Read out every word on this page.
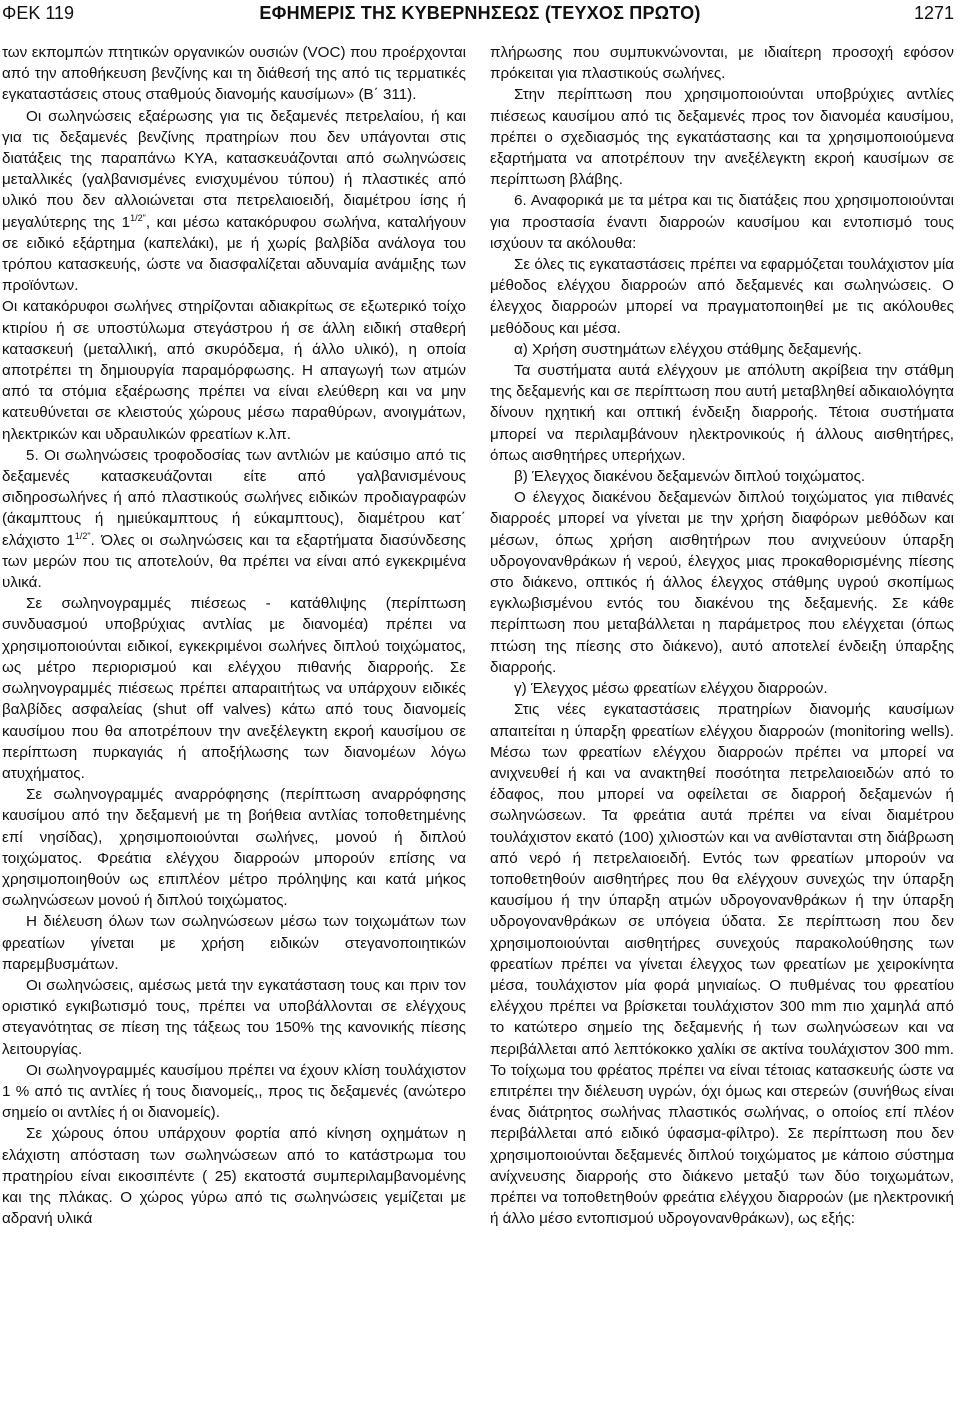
ΦΕΚ 119	ΕΦΗΜΕΡΙΣ ΤΗΣ ΚΥΒΕΡΝΗΣΕΩΣ (ΤΕΥΧΟΣ ΠΡΩΤΟ)	1271

των εκπομπών πτητικών οργανικών ουσιών (VOC) που προέρχονται από την αποθήκευση βενζίνης και τη διάθεσή της από τις τερματικές εγκαταστάσεις στους σταθμούς διανομής καυσίμων» (Β΄ 311).

Οι σωληνώσεις εξαέρωσης για τις δεξαμενές πετρελαίου, ή και για τις δεξαμενές βενζίνης πρατηρίων που δεν υπάγονται στις διατάξεις της παραπάνω ΚΥΑ, κατασκευάζονται από σωληνώσεις μεταλλικές (γαλβανισμένες ενισχυμένου τύπου) ή πλαστικές από υλικό που δεν αλλοιώνεται στα πετρελαιοειδή, διαμέτρου ίσης ή μεγαλύτερης της $1^{1/2"}$, και μέσω κατακόρυφου σωλήνα, καταλήγουν σε ειδικό εξάρτημα (καπελάκι), με ή χωρίς βαλβίδα ανάλογα του τρόπου κατασκευής, ώστε να διασφαλίζεται αδυναμία ανάμιξης των προϊόντων.

Οι κατακόρυφοι σωλήνες στηρίζονται αδιακρίτως σε εξωτερικό τοίχο κτιρίου ή σε υποστύλωμα στεγάστρου ή σε άλλη ειδική σταθερή κατασκευή (μεταλλική, από σκυρόδεμα, ή άλλο υλικό), η οποία αποτρέπει τη δημιουργία παραμόρφωσης. Η απαγωγή των ατμών από τα στόμια εξαέρωσης πρέπει να είναι ελεύθερη και να μην κατευθύνεται σε κλειστούς χώρους μέσω παραθύρων, ανοιγμάτων, ηλεκτρικών και υδραυλικών φρεατίων κ.λπ.

5. Οι σωληνώσεις τροφοδοσίας των αντλιών με καύσιμο από τις δεξαμενές κατασκευάζονται είτε από γαλβανισμένους σιδηροσωλήνες ή από πλαστικούς σωλήνες ειδικών προδιαγραφών (άκαμπτους ή ημιεύκαμπτους ή εύκαμπτους), διαμέτρου κατ΄ ελάχιστο $1^{1/2"}$. Όλες οι σωληνώσεις και τα εξαρτήματα διασύνδεσης των μερών που τις αποτελούν, θα πρέπει να είναι από εγκεκριμένα υλικά.

Σε σωληνογραμμές πιέσεως - κατάθλιψης (περίπτωση συνδυασμού υποβρύχιας αντλίας με διανομέα) πρέπει να χρησιμοποιούνται ειδικοί, εγκεκριμένοι σωλήνες διπλού τοιχώματος, ως μέτρο περιορισμού και ελέγχου πιθανής διαρροής. Σε σωληνογραμμές πιέσεως πρέπει απαραιτήτως να υπάρχουν ειδικές βαλβίδες ασφαλείας (shut off valves) κάτω από τους διανομείς καυσίμου που θα αποτρέπουν την ανεξέλεγκτη εκροή καυσίμου σε περίπτωση πυρκαγιάς ή αποξήλωσης των διανομέων λόγω ατυχήματος.

Σε σωληνογραμμές αναρρόφησης (περίπτωση αναρρόφησης καυσίμου από την δεξαμενή με τη βοήθεια αντλίας τοποθετημένης επί νησίδας), χρησιμοποιούνται σωλήνες, μονού ή διπλού τοιχώματος. Φρεάτια ελέγχου διαρροών μπορούν επίσης να χρησιμοποιηθούν ως επιπλέον μέτρο πρόληψης και κατά μήκος σωληνώσεων μονού ή διπλού τοιχώματος.

Η διέλευση όλων των σωληνώσεων μέσω των τοιχωμάτων των φρεατίων γίνεται με χρήση ειδικών στεγανοποιητικών παρεμβυσμάτων.

Οι σωληνώσεις, αμέσως μετά την εγκατάσταση τους και πριν τον οριστικό εγκιβωτισμό τους, πρέπει να υποβάλλονται σε ελέγχους στεγανότητας σε πίεση της τάξεως του 150% της κανονικής πίεσης λειτουργίας.

Οι σωληνογραμμές καυσίμου πρέπει να έχουν κλίση τουλάχιστον 1 % από τις αντλίες ή τους διανομείς,, προς τις δεξαμενές (ανώτερο σημείο οι αντλίες ή οι διανομείς).

Σε χώρους όπου υπάρχουν φορτία από κίνηση οχημάτων η ελάχιστη απόσταση των σωληνώσεων από το κατάστρωμα του πρατηρίου είναι εικοσιπέντε ( 25) εκατοστά συμπεριλαμβανομένης και της πλάκας. Ο χώρος γύρω από τις σωληνώσεις γεμίζεται με αδρανή υλικά

πλήρωσης που συμπυκνώνονται, με ιδιαίτερη προσοχή εφόσον πρόκειται για πλαστικούς σωλήνες.

Στην περίπτωση που χρησιμοποιούνται υποβρύχιες αντλίες πιέσεως καυσίμου από τις δεξαμενές προς τον διανομέα καυσίμου, πρέπει ο σχεδιασμός της εγκατάστασης και τα χρησιμοποιούμενα εξαρτήματα να αποτρέπουν την ανεξέλεγκτη εκροή καυσίμων σε περίπτωση βλάβης.

6. Αναφορικά με τα μέτρα και τις διατάξεις που χρησιμοποιούνται για προστασία έναντι διαρροών καυσίμου και εντοπισμό τους ισχύουν τα ακόλουθα:

Σε όλες τις εγκαταστάσεις πρέπει να εφαρμόζεται τουλάχιστον μία μέθοδος ελέγχου διαρροών από δεξαμενές και σωληνώσεις. Ο έλεγχος διαρροών μπορεί να πραγματοποιηθεί με τις ακόλουθες μεθόδους και μέσα.

α) Χρήση συστημάτων ελέγχου στάθμης δεξαμενής.

Τα συστήματα αυτά ελέγχουν με απόλυτη ακρίβεια την στάθμη της δεξαμενής και σε περίπτωση που αυτή μεταβληθεί αδικαιολόγητα δίνουν ηχητική και οπτική ένδειξη διαρροής. Τέτοια συστήματα μπορεί να περιλαμβάνουν ηλεκτρονικούς ή άλλους αισθητήρες, όπως αισθητήρες υπερήχων.

β) Έλεγχος διακένου δεξαμενών διπλού τοιχώματος.

Ο έλεγχος διακένου δεξαμενών διπλού τοιχώματος για πιθανές διαρροές μπορεί να γίνεται με την χρήση διαφόρων μεθόδων και μέσων, όπως χρήση αισθητήρων που ανιχνεύουν ύπαρξη υδρογονανθράκων ή νερού, έλεγχος μιας προκαθορισμένης πίεσης στο διάκενο, οπτικός ή άλλος έλεγχος στάθμης υγρού σκοπίμως εγκλωβισμένου εντός του διακένου της δεξαμενής. Σε κάθε περίπτωση που μεταβάλλεται η παράμετρος που ελέγχεται (όπως πτώση της πίεσης στο διάκενο), αυτό αποτελεί ένδειξη ύπαρξης διαρροής.

γ) Έλεγχος μέσω φρεατίων ελέγχου διαρροών.

Στις νέες εγκαταστάσεις πρατηρίων διανομής καυσίμων απαιτείται η ύπαρξη φρεατίων ελέγχου διαρροών (monitoring wells). Μέσω των φρεατίων ελέγχου διαρροών πρέπει να μπορεί να ανιχνευθεί ή και να ανακτηθεί ποσότητα πετρελαιοειδών από το έδαφος, που μπορεί να οφείλεται σε διαρροή δεξαμενών ή σωληνώσεων. Τα φρεάτια αυτά πρέπει να είναι διαμέτρου τουλάχιστον εκατό (100) χιλιοστών και να ανθίστανται στη διάβρωση από νερό ή πετρελαιοειδή. Εντός των φρεατίων μπορούν να τοποθετηθούν αισθητήρες που θα ελέγχουν συνεχώς την ύπαρξη καυσίμου ή την ύπαρξη ατμών υδρογονανθράκων ή την ύπαρξη υδρογονανθράκων σε υπόγεια ύδατα. Σε περίπτωση που δεν χρησιμοποιούνται αισθητήρες συνεχούς παρακολούθησης των φρεατίων πρέπει να γίνεται έλεγχος των φρεατίων με χειροκίνητα μέσα, τουλάχιστον μία φορά μηνιαίως. Ο πυθμένας του φρεατίου ελέγχου πρέπει να βρίσκεται τουλάχιστον 300 mm πιο χαμηλά από το κατώτερο σημείο της δεξαμενής ή των σωληνώσεων και να περιβάλλεται από λεπτόκοκκο χαλίκι σε ακτίνα τουλάχιστον 300 mm. Το τοίχωμα του φρέατος πρέπει να είναι τέτοιας κατασκευής ώστε να επιτρέπει την διέλευση υγρών, όχι όμως και στερεών (συνήθως είναι ένας διάτρητος σωλήνας πλαστικός σωλήνας, ο οποίος επί πλέον περιβάλλεται από ειδικό ύφασμα-φίλτρο). Σε περίπτωση που δεν χρησιμοποιούνται δεξαμενές διπλού τοιχώματος με κάποιο σύστημα ανίχνευσης διαρροής στο διάκενο μεταξύ των δύο τοιχωμάτων, πρέπει να τοποθετηθούν φρεάτια ελέγχου διαρροών (με ηλεκτρονική ή άλλο μέσο εντοπισμού υδρογονανθράκων), ως εξής:
